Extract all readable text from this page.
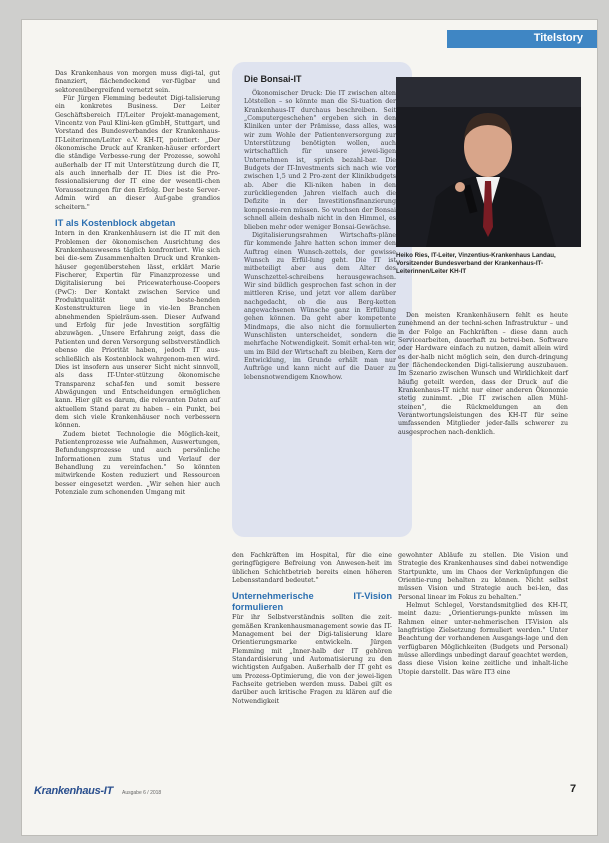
Titelstory

Das Krankenhaus von morgen muss digi-tal, gut finanziert, flächendeckend ver-fügbar und sektorenübergreifend vernetzt sein.

Für Jürgen Flemming bedeutet Digi-talisierung ein konkretes Business. Der Leiter Geschäftsbereich IT/Leiter Projekt-management, Vincentz von Paul Klini-ken gGmbH, Stuttgart, und Vorstand des Bundesverbandes der Krankenhaus-IT-Leiterinnen/Leiter e.V. KH-IT, pointiert: „Der ökonomische Druck auf Kranken-häuser erfordert die ständige Verbesse-rung der Prozesse, sowohl außerhalb der IT mit Unterstützung durch die IT, als auch innerhalb der IT. Dies ist die Pro-fessionalisierung der IT eine der wesentli-chen Voraussetzungen für den Erfolg. Der beste Server-Admin wird an dieser Auf-gabe grandios scheitern."

IT als Kostenblock abgetan

Intern in den Krankenhäusern ist die IT mit den Problemen der ökonomischen Ausrichtung des Krankenhauswesens täglich konfrontiert. Wie sich bei die-sem Zusammenhalten Druck und Kranken-häuser gegenüberstehen lässt, erklärt Marie Fischerer, Expertin für Finanzprozesse und Digitalisierung bei Pricewaterhouse-Coopers (PwC): Der Kontakt zwischen Service und Produktqualität und beste-henden Kostenstrukturen liege in vie-len Branchen abnehmenden Spielräum-ssen. Dieser Aufwand und Erfolg für jede Investition sorgfältig abzuwägen. „Unsere Erfahrung zeigt, dass die Patienten und deren Versorgung selbstverständlich ebenso die Priorität haben, jedoch IT aus-schließlich als Kostenblock wahrgenom-men wird. Dies ist insofern aus unserer Sicht nicht sinnvoll, als dass IT-Unter-stützung ökonomische Transparenz schaf-fen und somit bessere Abwägungen und Entscheidungen ermöglichen kann. Hier gilt es darum, die relevanten Daten auf aktuellem Stand parat zu haben – ein Punkt, bei dem sich viele Krankenhäuser noch verbessern können.

Zudem bietet Technologie die Möglich-keit, Patientenprozesse wie Aufnahmen, Auswertungen, Befundungsprozesse und auch persönliche Informationen zum Status und Verlauf der Behandlung zu vereinfachen." So könnten mitwirkende Kosten reduziert und Ressourcen besser eingesetzt werden. „Wir sehen hier auch Potenziale zum schonenden Umgang mit

Die Bonsai-IT

Ökonomischer Druck: Die IT zwischen alten Lötstellen – so könnte man die Si-tuation der Krankenhaus-IT durchaus beschreiben. Seit „Computergeschehen" ergeben sich in den Kliniken unter der Prämisse, dass alles, was wir zum Wohle der Patientenversorgung zur Unterstützung benötigten wollen, auch wirtschaftlich für unsere jewei-ligen Unternehmen ist, sprich bezahl-bar. Die Budgets der IT-Investments sich nach wie vor zwischen 1,5 und 2 Pro-zent der Klinikbudgets ab. Aber die Kli-niken haben in den zurückliegenden Jahren vielfach auch die Defizite in der Investitionsfinanzierung kompensie-ren müssen. So wuchsen der Bonsai schnell allein deshalb nicht in den Himmel, es blieben mehr oder weniger Bonsai-Gewächse.

Digitalisierungsrahmen Wirtschafts-pläne für kommende Jahre hatten schon immer den Auftrag einen Wunsch-zettels, der gewisse Wunsch zu Erfül-lung geht. Die IT ist mitbeteiligt aber aus dem Alter des Wunschzettel-schreibens herausgewachsen. Wir sind bildlich gesprochen fast schon in der mittleren Krise, und jetzt vor allem darüber nachgedacht, ob die aus Berg-ketten angewachsenen Wünsche ganz in Erfüllung gehen können. Da geht aber kompetente Mindmaps, die also nicht die formulierten Wunschlisten unterscheidet, sondern die mehrfache Notwendigkeit. Somit erhal-ten wir, um im Bild der Wirtschaft zu bleiben, Kern der Entwicklung, im Grunde erhält man nur Aufträge und kann nicht auf die Dauer zu lebensnotwendigem Knowhow.

Heiko Ries, IT-Leiter, Vinzentius-Krankenhaus Landau, Vorsitzender Bundesverband der Krankenhaus-IT-Leiterinnen/Leiter KH-IT

Den meisten Krankenhäusern fehlt es heute zunehmend an der techni-schen Infrastruktur – und in der Folge an Fachkräften – diese dann auch Servicearbeiten, dauerhaft zu betrei-ben. Software oder Hardware einfach zu nutzen, damit allein wird es der-halb nicht möglich sein, den durch-dringung der flächendeckenden Digi-talisierung auszubauen. Im Szenario zwischen Wunsch und Wirklichkeit darf häufig geteilt werden, dass der Druck auf die Krankenhaus-IT nicht nur einer anderen Ökonomie stetig zunimmt. „Die IT zwischen allen Mühl-steinen", die Rückmeldungen an den Verantwortungsleistungen des KH-IT für seine umfassenden Mitglieder jeder-falls schwerer zu ausgesprochen nach-denklich.

den Fachkräften im Hospital, für die eine geringfügigere Befreiung von Anwesen-heit im üblichen Schichtbetrieb bereits einen höheren Lebensstandard bedeutet."

Unternehmerische IT-Vision formulieren

Für ihr Selbstverständnis sollten die zeit-gemäßen Krankenhausmanagement sowie das IT-Management bei der Digi-talisierung klare Orientierungsmarke entwickeln. Jürgen Flemming mit „Inner-halb der IT gehören Standardisierung und Automatisierung zu den wichtigsten Aufgaben. Außerhalb der IT geht es um Prozess-Optimierung, die von der jewei-ligen Fachseite getrieben werden muss. Dabei gilt es darüber auch kritische Fragen zu klären auf die Notwendigkeit

gewohnter Abläufe zu stellen. Die Vision und Strategie des Krankenhauses sind dabei notwendige Startpunkte, um im Chaos der Verknüpfungen die Orientie-rung behalten zu können. Nicht selbst müssen Vision und Strategie auch bei-len, das Personal linear im Fokus zu behalten."

Helmut Schlegel, Vorstandsmitglied des KH-IT, meint dazu: „Orientierungs-punkte müssen im Rahmen einer unter-nehmerischen IT-Vision als langfristige Zielsetzung formuliert werden." Unter Beachtung der vorhandenen Ausgangs-lage und den verfügbaren Möglichkeiten (Budgets und Personal) müsse allerdings unbedingt darauf geachtet werden, dass diese Vision keine zeitliche und inhalt-liche Utopie darstellt. Das wäre IT3 eine

Krankenhaus-IT Ausgabe 6 / 2018	7
